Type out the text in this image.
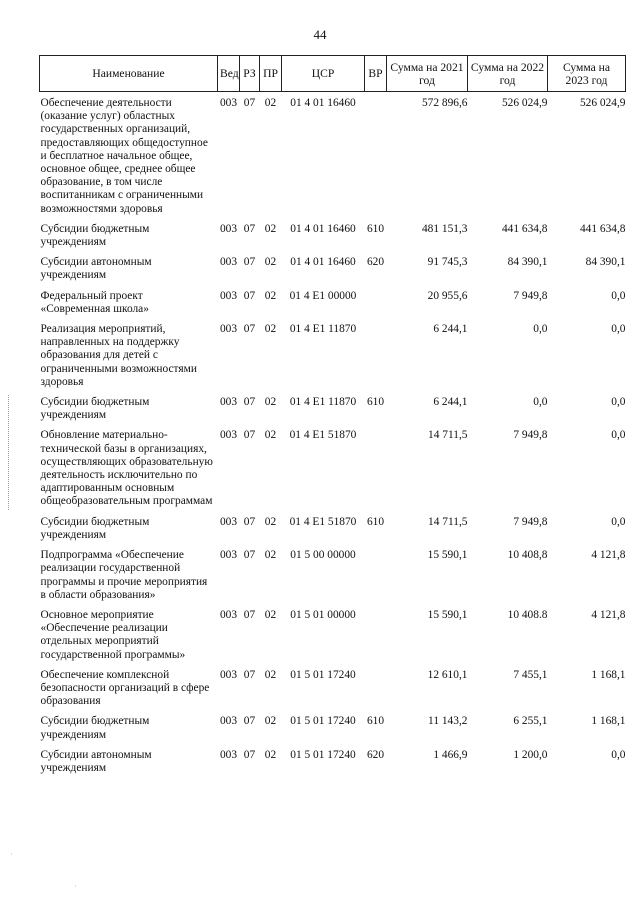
44
Наименование	Вед	РЗ	ПР	ЦСР	ВР	Сумма на 2021 год	Сумма на 2022 год	Сумма на 2023 год

Обеспечение деятельности (оказание услуг) областных государственных организаций, предоставляющих общедоступное и бесплатное начальное общее, основное общее, среднее общее образование, в том числе воспитанникам с ограниченными возможностями здоровья	003	07	02	01 4 01 16460		572 896,6	526 024,9	526 024,9
Субсидии бюджетным учреждениям	003	07	02	01 4 01 16460	610	481 151,3	441 634,8	441 634,8
Субсидии автономным учреждениям	003	07	02	01 4 01 16460	620	91 745,3	84 390,1	84 390,1
Федеральный проект «Современная школа»	003	07	02	01 4 E1 00000		20 955,6	7 949,8	0,0
Реализация мероприятий, направленных на поддержку образования для детей с ограниченными возможностями здоровья	003	07	02	01 4 E1 11870		6 244,1	0,0	0,0
Субсидии бюджетным учреждениям	003	07	02	01 4 E1 11870	610	6 244,1	0,0	0,0
Обновление материально-технической базы в организациях, осуществляющих образовательную деятельность исключительно по адаптированным основным общеобразовательным программам	003	07	02	01 4 E1 51870		14 711,5	7 949,8	0,0
Субсидии бюджетным учреждениям	003	07	02	01 4 E1 51870	610	14 711,5	7 949,8	0,0
Подпрограмма «Обеспечение реализации государственной программы и прочие мероприятия в области образования»	003	07	02	01 5 00 00000		15 590,1	10 408,8	4 121,8
Основное мероприятие «Обеспечение реализации отдельных мероприятий государственной программы»	003	07	02	01 5 01 00000		15 590,1	10 408.8	4 121,8
Обеспечение комплексной безопасности организаций в сфере образования	003	07	02	01 5 01 17240		12 610,1	7 455,1	1 168,1
Субсидии бюджетным учреждениям	003	07	02	01 5 01 17240	610	11 143,2	6 255,1	1 168,1
Субсидии автономным учреждениям	003	07	02	01 5 01 17240	620	1 466,9	1 200,0	0,0
·
·
